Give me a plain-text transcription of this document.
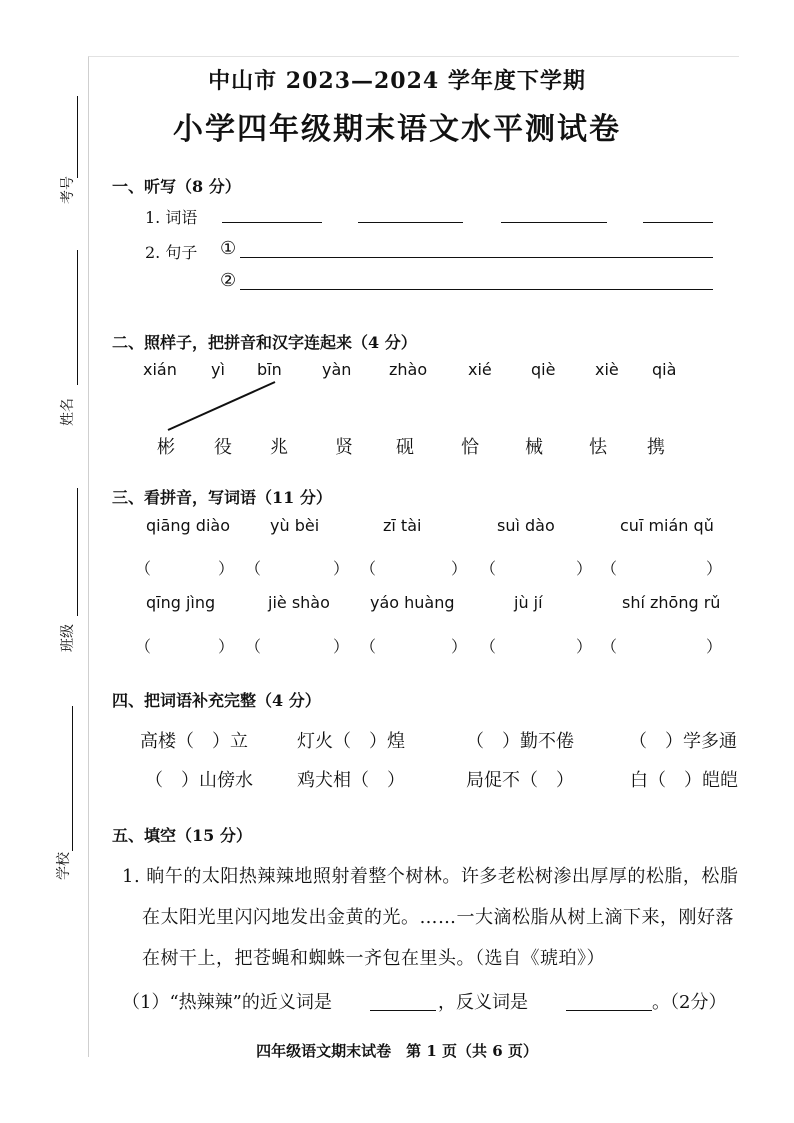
考号
姓名
班级
学校
中山市 2023—2024 学年度下学期
小学四年级期末语文水平测试卷
一、听写（8 分）
1. 词语
2. 句子 ①
②
二、照样子，把拼音和汉字连起来（4 分）
xián yì bīn	yàn zhào	xié qiè xiè qià
彬 役 兆	贤 砚	恰	械	怯 携
三、看拼音，写词语（11 分）
qiāng diào	yù bèi	zī tài	suì dào	cuī mián qǔ
（	） （	） （	） （	） （	）
qīng jìng	jiè shào	yáo huàng	jù jí	shí zhōng rǔ
（	） （	） （	） （	） （	）
四、把词语补充完整（4 分）
高楼（　）立	灯火（　）煌	（　）勤不倦	（　）学多通
（　）山傍水 鸡犬相（　）	局促不（　）	白（　）皑皑
五、填空（15 分）
1. 晌午的太阳热辣辣地照射着整个树林。许多老松树渗出厚厚的松脂，松脂
在太阳光里闪闪地发出金黄的光。……一大滴松脂从树上滴下来，刚好落
在树干上，把苍蝇和蜘蛛一齐包在里头。（选自《琥珀》）
（1）“热辣辣”的近义词是	，反义词是	。（2分）
四年级语文期末试卷　第 1 页（共 6 页）
